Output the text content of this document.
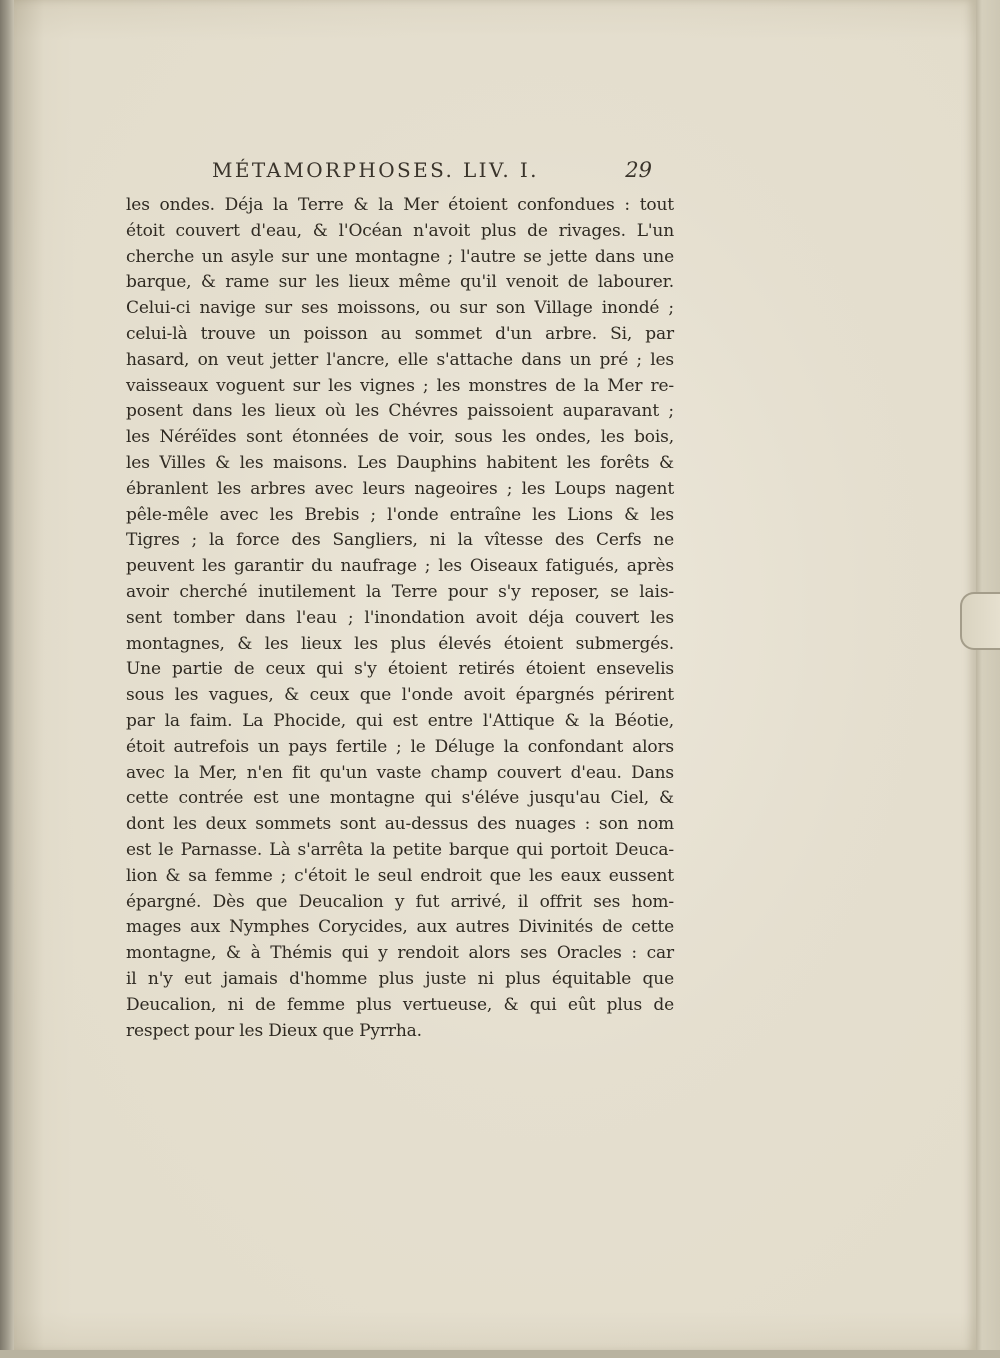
MÉTAMORPHOSES. LIV. I.	29
les ondes. Déja la Terre & la Mer étoient confondues : tout
étoit couvert d'eau, & l'Océan n'avoit plus de rivages. L'un
cherche un asyle sur une montagne ; l'autre se jette dans une
barque, & rame sur les lieux même qu'il venoit de labourer.
Celui-ci navige sur ses moissons, ou sur son Village inondé ;
celui-là trouve un poisson au sommet d'un arbre. Si, par
hasard, on veut jetter l'ancre, elle s'attache dans un pré ; les
vaisseaux voguent sur les vignes ; les monstres de la Mer re-
posent dans les lieux où les Chévres paissoient auparavant ;
les Néréïdes sont étonnées de voir, sous les ondes, les bois,
les Villes & les maisons. Les Dauphins habitent les forêts &
ébranlent les arbres avec leurs nageoires ; les Loups nagent
pêle-mêle avec les Brebis ; l'onde entraîne les Lions & les
Tigres ; la force des Sangliers, ni la vîtesse des Cerfs ne
peuvent les garantir du naufrage ; les Oiseaux fatigués, après
avoir cherché inutilement la Terre pour s'y reposer, se lais-
sent tomber dans l'eau ; l'inondation avoit déja couvert les
montagnes, & les lieux les plus élevés étoient submergés.
Une partie de ceux qui s'y étoient retirés étoient ensevelis
sous les vagues, & ceux que l'onde avoit épargnés périrent
par la faim. La Phocide, qui est entre l'Attique & la Béotie,
étoit autrefois un pays fertile ; le Déluge la confondant alors
avec la Mer, n'en fit qu'un vaste champ couvert d'eau. Dans
cette contrée est une montagne qui s'éléve jusqu'au Ciel, &
dont les deux sommets sont au-dessus des nuages : son nom
est le Parnasse. Là s'arrêta la petite barque qui portoit Deuca-
lion & sa femme ; c'étoit le seul endroit que les eaux eussent
épargné. Dès que Deucalion y fut arrivé, il offrit ses hom-
mages aux Nymphes Corycides, aux autres Divinités de cette
montagne, & à Thémis qui y rendoit alors ses Oracles : car
il n'y eut jamais d'homme plus juste ni plus équitable que
Deucalion, ni de femme plus vertueuse, & qui eût plus de
respect pour les Dieux que Pyrrha.
